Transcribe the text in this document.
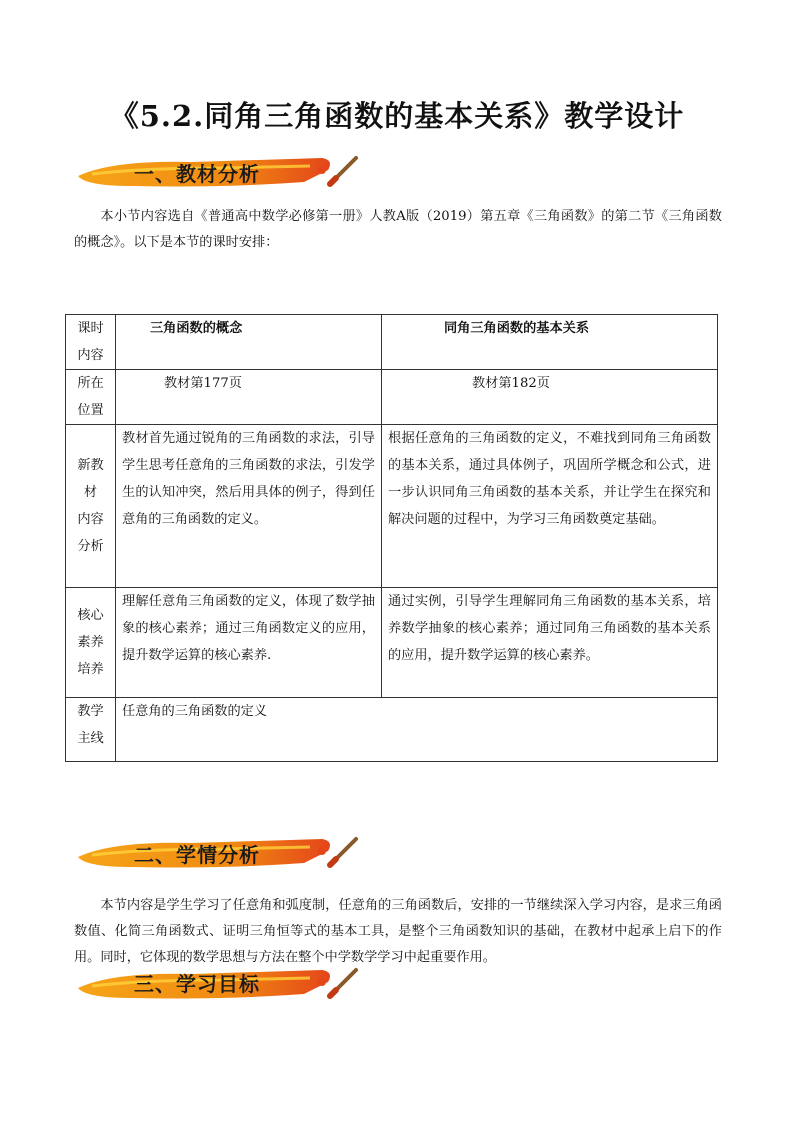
《5.2.同角三角函数的基本关系》教学设计
一、教材分析
本小节内容选自《普通高中数学必修第一册》人教A版（2019）第五章《三角函数》的第二节《三角函数的概念》。以下是本节的课时安排：
课时
内容	三角函数的概念	同角三角函数的基本关系

所在
位置	教材第177页	教材第182页

新教
材
内容
分析	教材首先通过锐角的三角函数的求法，引导学生思考任意角的三角函数的求法，引发学生的认知冲突，然后用具体的例子，得到任意角的三角函数的定义。	根据任意角的三角函数的定义，不难找到同角三角函数的基本关系，通过具体例子，巩固所学概念和公式，进一步认识同角三角函数的基本关系，并让学生在探究和解决问题的过程中，为学习三角函数奠定基础。

核心
素养
培养	理解任意角三角函数的定义，体现了数学抽象的核心素养；通过三角函数定义的应用，提升数学运算的核心素养.	通过实例，引导学生理解同角三角函数的基本关系，培养数学抽象的核心素养；通过同角三角函数的基本关系的应用，提升数学运算的核心素养。

教学
主线	任意角的三角函数的定义	
二、学情分析
本节内容是学生学习了任意角和弧度制，任意角的三角函数后，安排的一节继续深入学习内容，是求三角函数值、化简三角函数式、证明三角恒等式的基本工具，是整个三角函数知识的基础，在教材中起承上启下的作用。同时，它体现的数学思想与方法在整个中学数学学习中起重要作用。
三、学习目标
